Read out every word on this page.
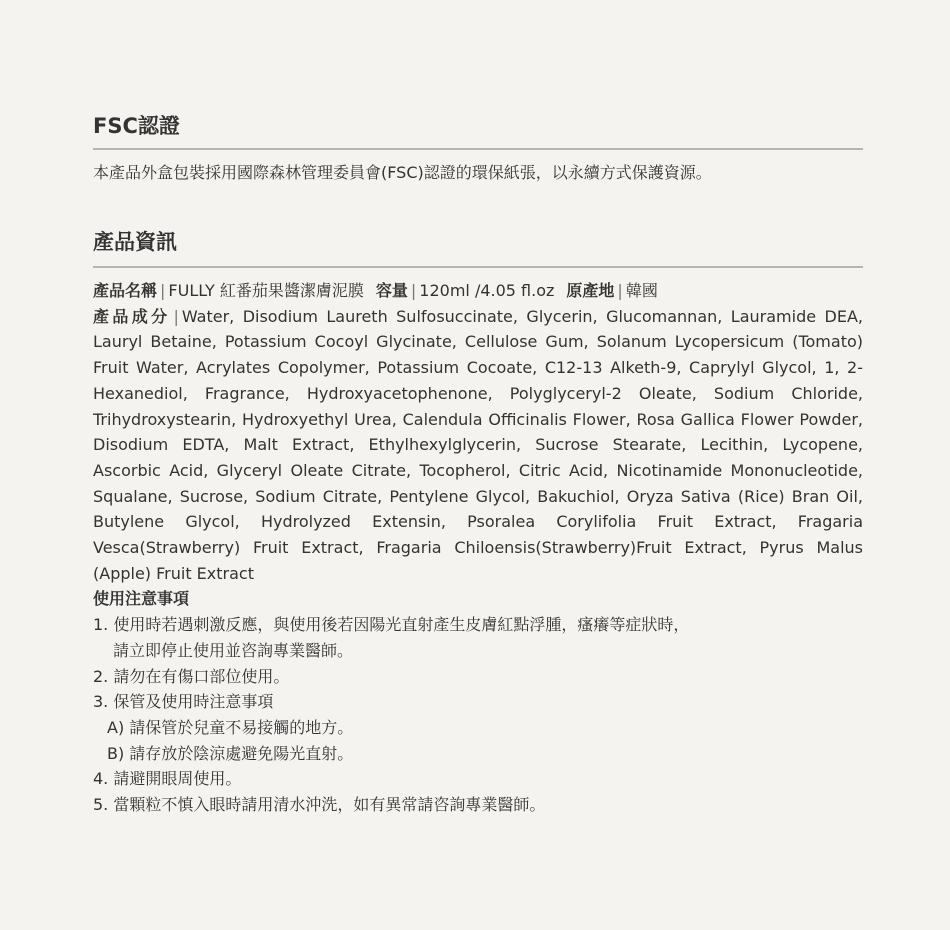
FSC認證
本產品外盒包裝採用國際森林管理委員會(FSC)認證的環保紙張，以永續方式保護資源。
產品資訊
產品名稱 | FULLY 紅番茄果醬潔膚泥膜 容量 | 120ml /4.05 fl.oz 原產地 | 韓國
產品成分 | Water, Disodium Laureth Sulfosuccinate, Glycerin, Glucomannan, Lauramide DEA, Lauryl Betaine, Potassium Cocoyl Glycinate, Cellulose Gum, Solanum Lycopersicum (Tomato) Fruit Water, Acrylates Copolymer, Potassium Cocoate, C12-13 Alketh-9, Caprylyl Glycol, 1, 2-Hexanediol, Fragrance, Hydroxyacetophenone, Polyglyceryl-2 Oleate, Sodium Chloride, Trihydroxystearin, Hydroxyethyl Urea, Calendula Officinalis Flower, Rosa Gallica Flower Powder, Disodium EDTA, Malt Extract, Ethylhexylglycerin, Sucrose Stearate, Lecithin, Lycopene, Ascorbic Acid, Glyceryl Oleate Citrate, Tocopherol, Citric Acid, Nicotinamide Mononucleotide, Squalane, Sucrose, Sodium Citrate, Pentylene Glycol, Bakuchiol, Oryza Sativa (Rice) Bran Oil, Butylene Glycol, Hydrolyzed Extensin, Psoralea Corylifolia Fruit Extract, Fragaria Vesca(Strawberry) Fruit Extract, Fragaria Chiloensis(Strawberry)Fruit Extract, Pyrus Malus (Apple) Fruit Extract
使用注意事項
1. 使用時若遇刺激反應，與使用後若因陽光直射產生皮膚紅點浮腫，瘙癢等症狀時，
請立即停止使用並咨詢專業醫師。
2. 請勿在有傷口部位使用。
3. 保管及使用時注意事項
A) 請保管於兒童不易接觸的地方。
B) 請存放於陰涼處避免陽光直射。
4. 請避開眼周使用。
5. 當顆粒不慎入眼時請用清水沖洗，如有異常請咨詢專業醫師。
